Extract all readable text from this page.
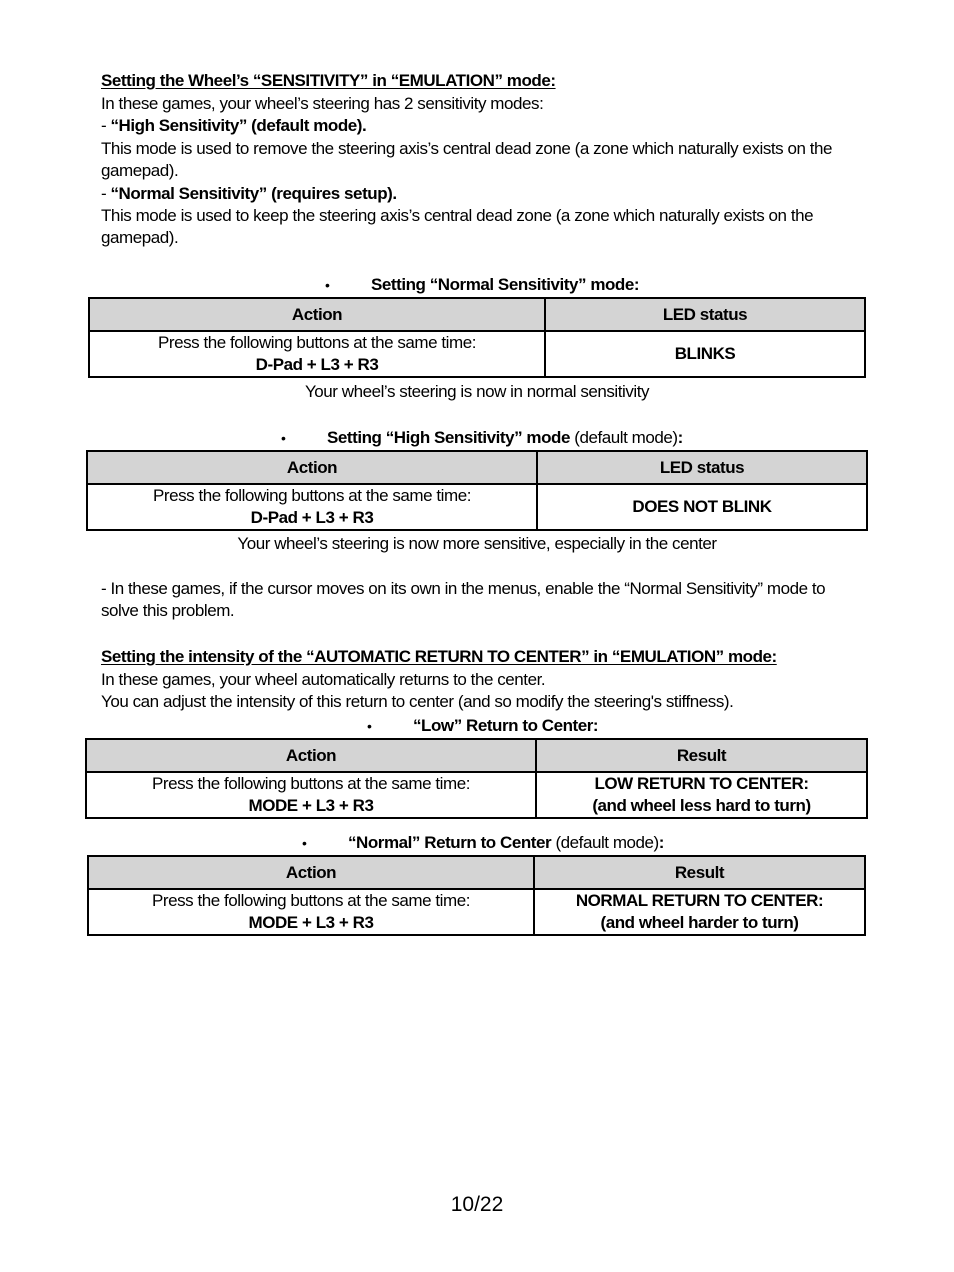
Setting the Wheel’s “SENSITIVITY” in “EMULATION” mode:
In these games, your wheel’s steering has 2 sensitivity modes:
- “High Sensitivity” (default mode).
This mode is used to remove the steering axis’s central dead zone (a zone which naturally exists on the gamepad).
- “Normal Sensitivity” (requires setup).
This mode is used to keep the steering axis’s central dead zone (a zone which naturally exists on the gamepad).
• Setting “Normal Sensitivity” mode:
Action	LED status
Press the following buttons at the same time:
D-Pad + L3 + R3	BLINKS
Your wheel’s steering is now in normal sensitivity
• Setting “High Sensitivity” mode (default mode):
Action	LED status
Press the following buttons at the same time:
D-Pad + L3 + R3	DOES NOT BLINK
Your wheel’s steering is now more sensitive, especially in the center
- In these games, if the cursor moves on its own in the menus, enable the “Normal Sensitivity” mode to solve this problem.
Setting the intensity of the “AUTOMATIC RETURN TO CENTER” in “EMULATION” mode:
In these games, your wheel automatically returns to the center.
You can adjust the intensity of this return to center (and so modify the steering's stiffness).
• “Low” Return to Center:
Action	Result
Press the following buttons at the same time:
MODE + L3 + R3	LOW RETURN TO CENTER:
(and wheel less hard to turn)
• “Normal” Return to Center (default mode):
Action	Result
Press the following buttons at the same time:
MODE + L3 + R3	NORMAL RETURN TO CENTER:
(and wheel harder to turn)
10/22
